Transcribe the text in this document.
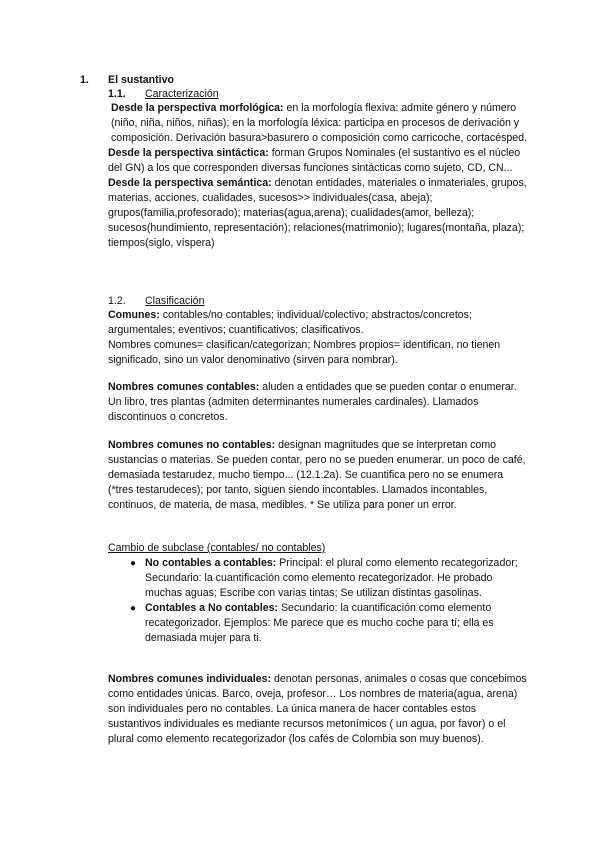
1. El sustantivo
1.1. Caracterización

Desde la perspectiva morfológica: en la morfología flexiva: admite género y número (niño, niña, niños, niñas); en la morfología léxica: participa en procesos de derivación y composición. Derivación basura>basurero o composición como carricoche, cortacésped.

Desde la perspectiva sintáctica: forman Grupos Nominales (el sustantivo es el núcleo del GN) a los que corresponden diversas funciones sintácticas como sujeto, CD, CN...

Desde la perspectiva semántica: denotan entidades, materiales o inmateriales, grupos, materias, acciones, cualidades, sucesos>> individuales(casa, abeja); grupos(familia,profesorado); materias(agua,arena); cualidades(amor, belleza); sucesos(hundimiento, representación); relaciones(matrimonio); lugares(montaña, plaza); tiempos(siglo, víspera)

1.2. Clasificación

Comunes: contables/no contables; individual/colectivo; abstractos/concretos; argumentales; eventivos; cuantificativos; clasificativos.

Nombres comunes= clasifican/categorizan; Nombres propios= identifican, no tienen significado, sino un valor denominativo (sirven para nombrar).

Nombres comunes contables: aluden a entidades que se pueden contar o enumerar. Un libro, tres plantas (admiten determinantes numerales cardinales). Llamados discontinuos o concretos.

Nombres comunes no contables: designan magnitudes que se interpretan como sustancias o materias. Se pueden contar, pero no se pueden enumerar. un poco de café, demasiada testarudez, mucho tiempo... (12.1.2a). Se cuantifica pero no se enumera (*tres testarudeces); por tanto, siguen siendo incontables. Llamados incontables, continuos, de materia, de masa, medibles. * Se utiliza para poner un error.

Cambio de subclase (contables/ no contables)

● No contables a contables: Principal: el plural como elemento recategorizador; Secundario: la cuantificación como elemento recategorizador. He probado muchas aguas; Escribe con varias tintas; Se utilizan distintas gasolinas.
● Contables a No contables: Secundario: la cuantificación como elemento recategorizador. Ejemplos: Me parece que es mucho coche para tí; ella es demasiada mujer para ti.

Nombres comunes individuales: denotan personas, animales o cosas que concebimos como entidades únicas. Barco, oveja, profesor… Los nombres de materia(agua, arena) son individuales pero no contables. La única manera de hacer contables estos sustantivos individuales es mediante recursos metonímicos ( un agua, por favor) o el plural como elemento recategorizador (los cafés de Colombia son muy buenos).
